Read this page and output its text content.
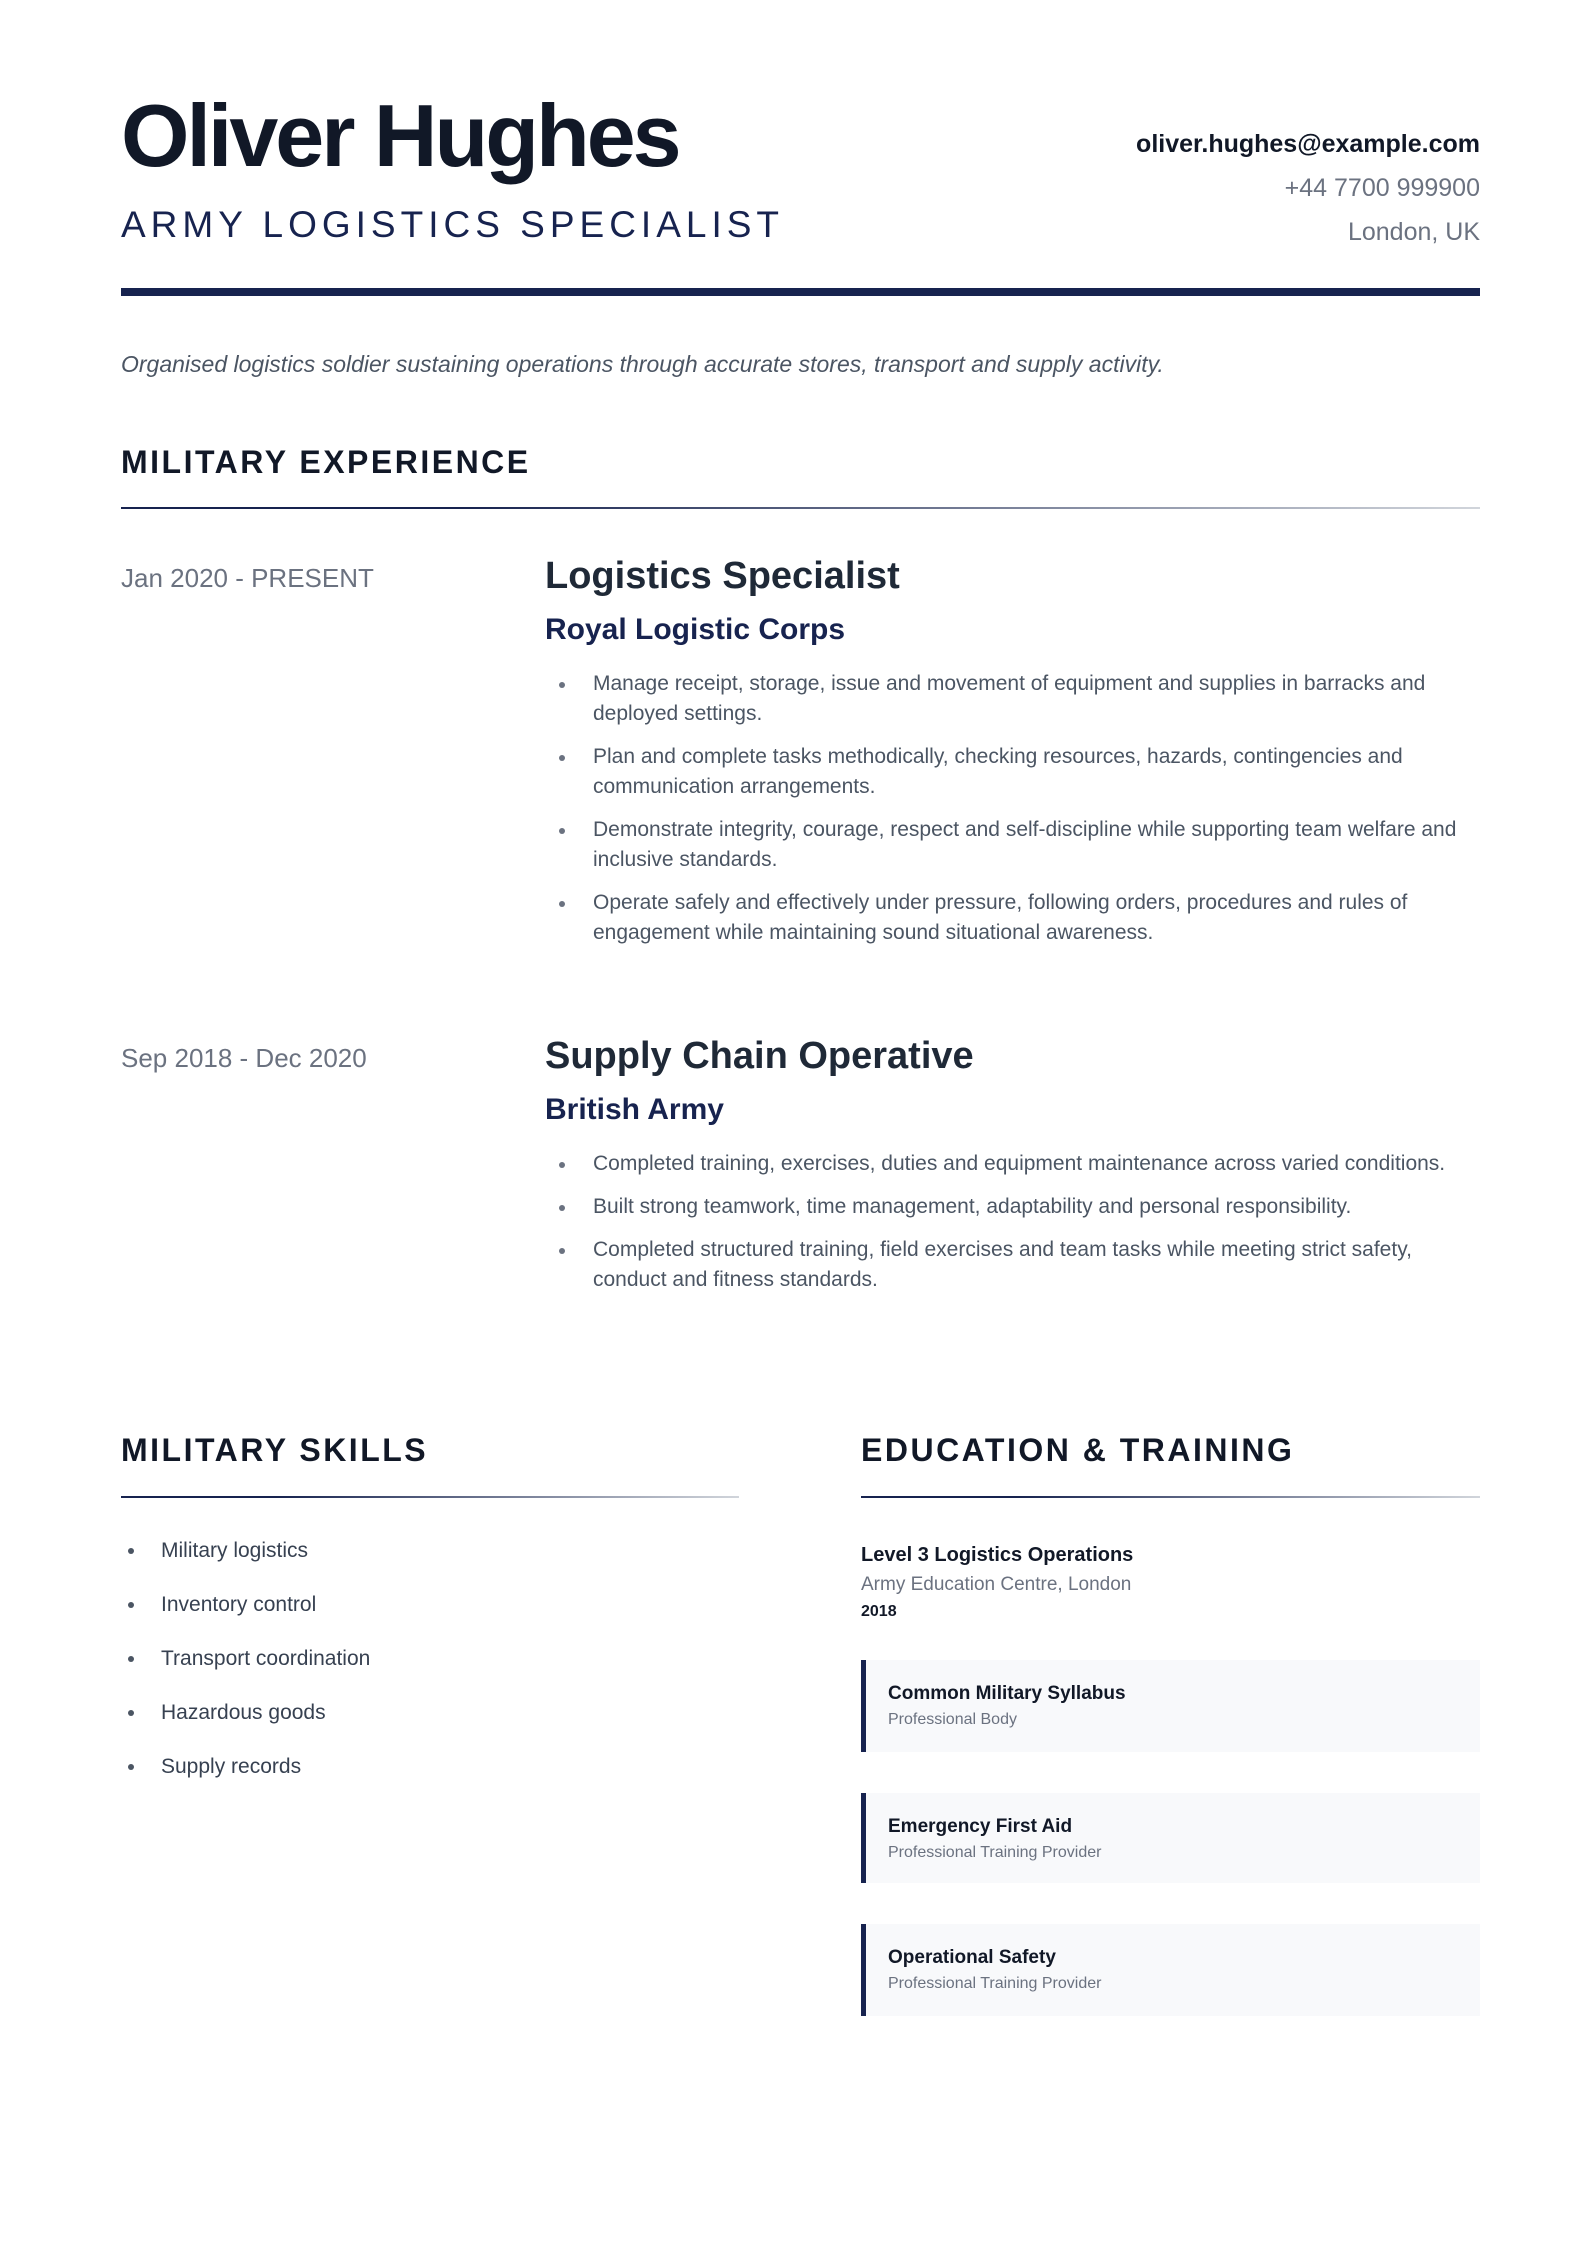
Oliver Hughes
ARMY LOGISTICS SPECIALIST
oliver.hughes@example.com
+44 7700 999900
London, UK
Organised logistics soldier sustaining operations through accurate stores, transport and supply activity.
MILITARY EXPERIENCE
Jan 2020 - PRESENT	Logistics Specialist
Royal Logistic Corps
Manage receipt, storage, issue and movement of equipment and supplies in barracks and deployed settings.
Plan and complete tasks methodically, checking resources, hazards, contingencies and communication arrangements.
Demonstrate integrity, courage, respect and self-discipline while supporting team welfare and inclusive standards.
Operate safely and effectively under pressure, following orders, procedures and rules of engagement while maintaining sound situational awareness.
Sep 2018 - Dec 2020	Supply Chain Operative
British Army
Completed training, exercises, duties and equipment maintenance across varied conditions.
Built strong teamwork, time management, adaptability and personal responsibility.
Completed structured training, field exercises and team tasks while meeting strict safety, conduct and fitness standards.
MILITARY SKILLS
Military logistics
Inventory control
Transport coordination
Hazardous goods
Supply records
EDUCATION & TRAINING
Level 3 Logistics Operations
Army Education Centre, London
2018
Common Military Syllabus
Professional Body
Emergency First Aid
Professional Training Provider
Operational Safety
Professional Training Provider
